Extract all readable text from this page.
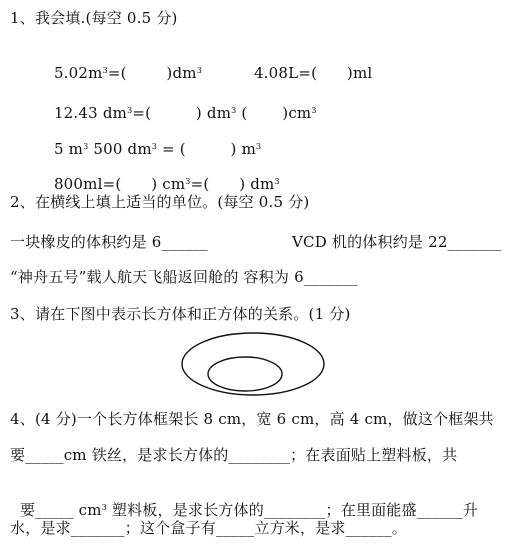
1、我会填.(每空 0.5 分)

$5.02m^3=$(        )$dm^3$	4.08L=(      )ml

12.43 $dm^3=$(         ) $dm^3$ (       )$cm^3$

5 $m^3$ 500 $dm^3$ = (         ) $m^3$

800ml=(      ) $cm^3=$(      ) $dm^3$

2、在横线上填上适当的单位。(每空 0.5 分)
一块橡皮的体积约是 6______	VCD 机的体积约是 22_______
“神舟五号”载人航天飞船返回舱的 容积为 6_______
3、请在下图中表示长方体和正方体的关系。(1 分)
4、(4 分)一个长方体框架长 8 cm，宽 6 cm，高 4 cm，做这个框架共
要_____cm 铁丝，是求长方体的________；在表面贴上塑料板，共

要_____ $cm^3$ 塑料板，是求长方体的________；在里面能盛______升

水，是求_______；这个盒子有_____立方米，是求______。
